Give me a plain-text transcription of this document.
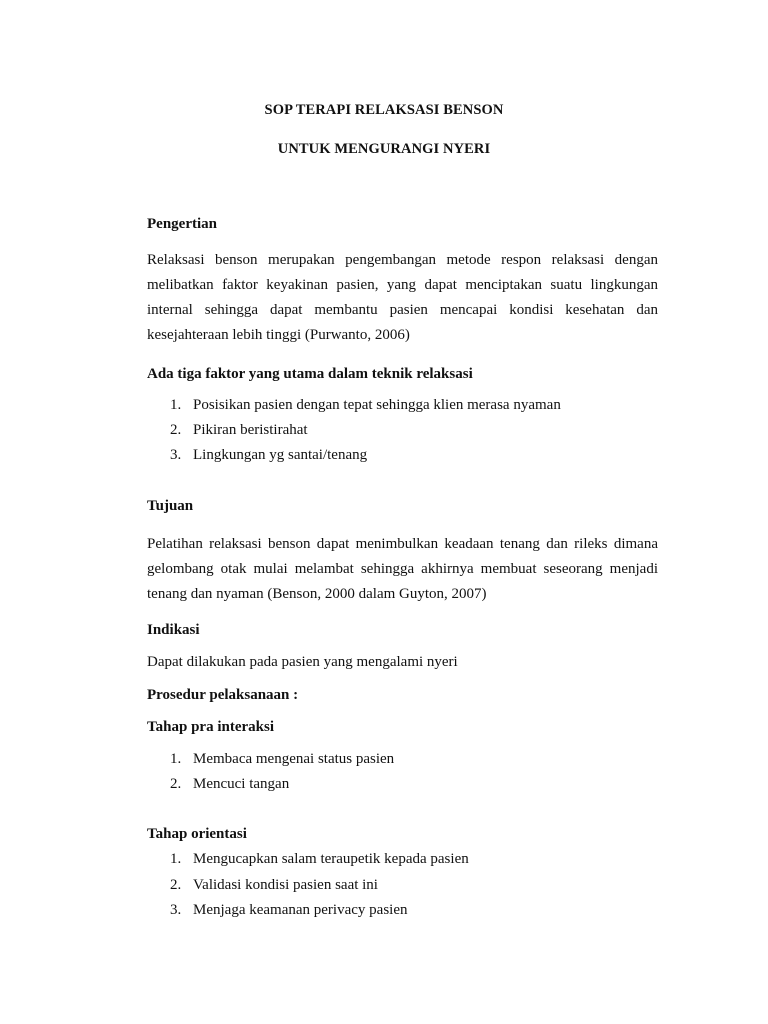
SOP TERAPI RELAKSASI BENSON
UNTUK MENGURANGI NYERI
Pengertian
Relaksasi benson merupakan pengembangan metode respon relaksasi dengan melibatkan faktor keyakinan pasien, yang dapat menciptakan suatu lingkungan internal sehingga dapat membantu pasien mencapai kondisi kesehatan dan kesejahteraan lebih tinggi (Purwanto, 2006)
Ada tiga faktor yang utama dalam teknik relaksasi
1. Posisikan pasien dengan tepat sehingga klien merasa nyaman
2. Pikiran beristirahat
3. Lingkungan yg santai/tenang
Tujuan
Pelatihan relaksasi benson dapat menimbulkan keadaan tenang dan rileks dimana gelombang otak mulai melambat sehingga akhirnya membuat seseorang menjadi tenang dan nyaman (Benson, 2000 dalam Guyton, 2007)
Indikasi
Dapat dilakukan pada pasien yang mengalami nyeri
Prosedur pelaksanaan :
Tahap pra interaksi
1. Membaca mengenai status pasien
2. Mencuci tangan
Tahap orientasi
1. Mengucapkan salam teraupetik kepada pasien
2. Validasi kondisi pasien saat ini
3. Menjaga keamanan perivacy pasien
